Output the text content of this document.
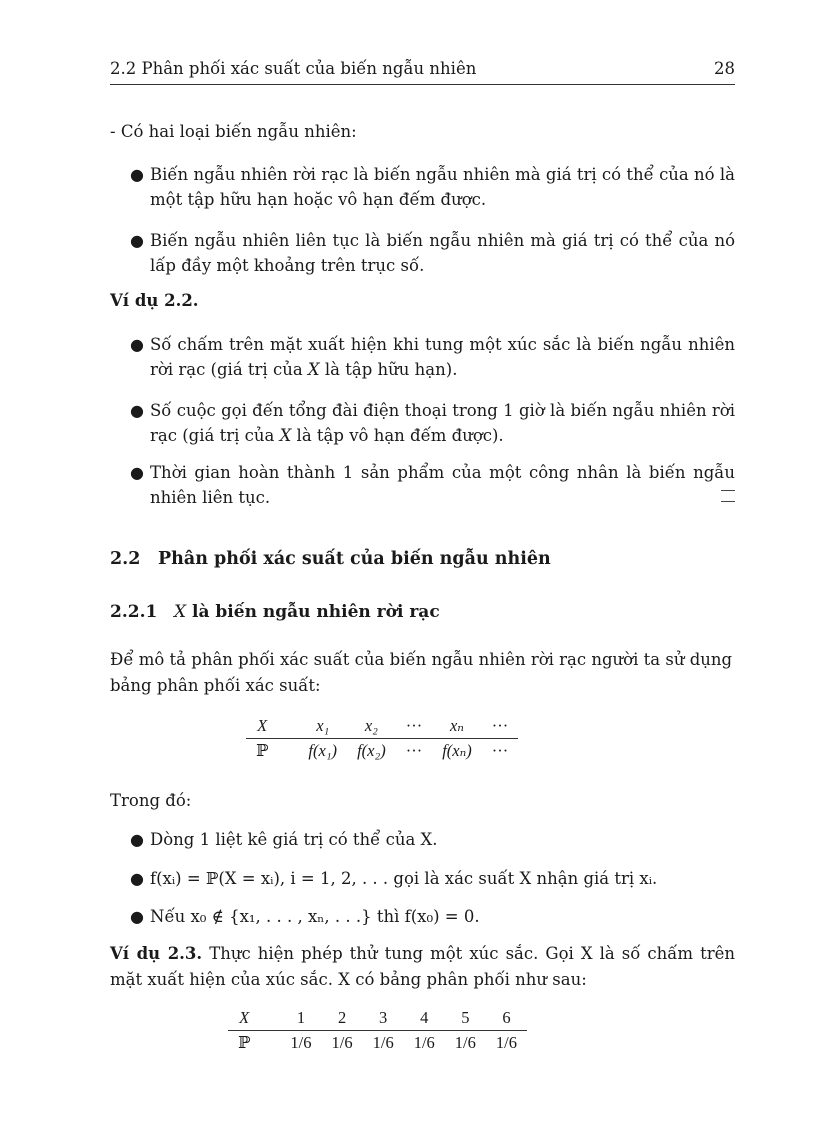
2.2 Phân phối xác suất của biến ngẫu nhiên	28
- Có hai loại biến ngẫu nhiên:
● Biến ngẫu nhiên rời rạc là biến ngẫu nhiên mà giá trị có thể của nó là một tập hữu hạn hoặc vô hạn đếm được.
● Biến ngẫu nhiên liên tục là biến ngẫu nhiên mà giá trị có thể của nó lấp đầy một khoảng trên trục số.
Ví dụ 2.2.
● Số chấm trên mặt xuất hiện khi tung một xúc sắc là biến ngẫu nhiên rời rạc (giá trị của X là tập hữu hạn).
● Số cuộc gọi đến tổng đài điện thoại trong 1 giờ là biến ngẫu nhiên rời rạc (giá trị của X là tập vô hạn đếm được).
● Thời gian hoàn thành 1 sản phẩm của một công nhân là biến ngẫu nhiên liên tục.
2.2 Phân phối xác suất của biến ngẫu nhiên
2.2.1 X là biến ngẫu nhiên rời rạc
Để mô tả phân phối xác suất của biến ngẫu nhiên rời rạc người ta sử dụng bảng phân phối xác suất:
X	x₁	x₂	···	xₙ	···
ℙ	f(x₁)	f(x₂)	···	f(xₙ)	···
Trong đó:
● Dòng 1 liệt kê giá trị có thể của X.
● f(xᵢ) = ℙ(X = xᵢ), i = 1, 2, . . . gọi là xác suất X nhận giá trị xᵢ.
● Nếu x₀ ∉ {x₁, . . . , xₙ, . . .} thì f(x₀) = 0.
Ví dụ 2.3. Thực hiện phép thử tung một xúc sắc. Gọi X là số chấm trên mặt xuất hiện của xúc sắc. X có bảng phân phối như sau:
X	1	2	3	4	5	6
ℙ	1/6	1/6	1/6	1/6	1/6	1/6
